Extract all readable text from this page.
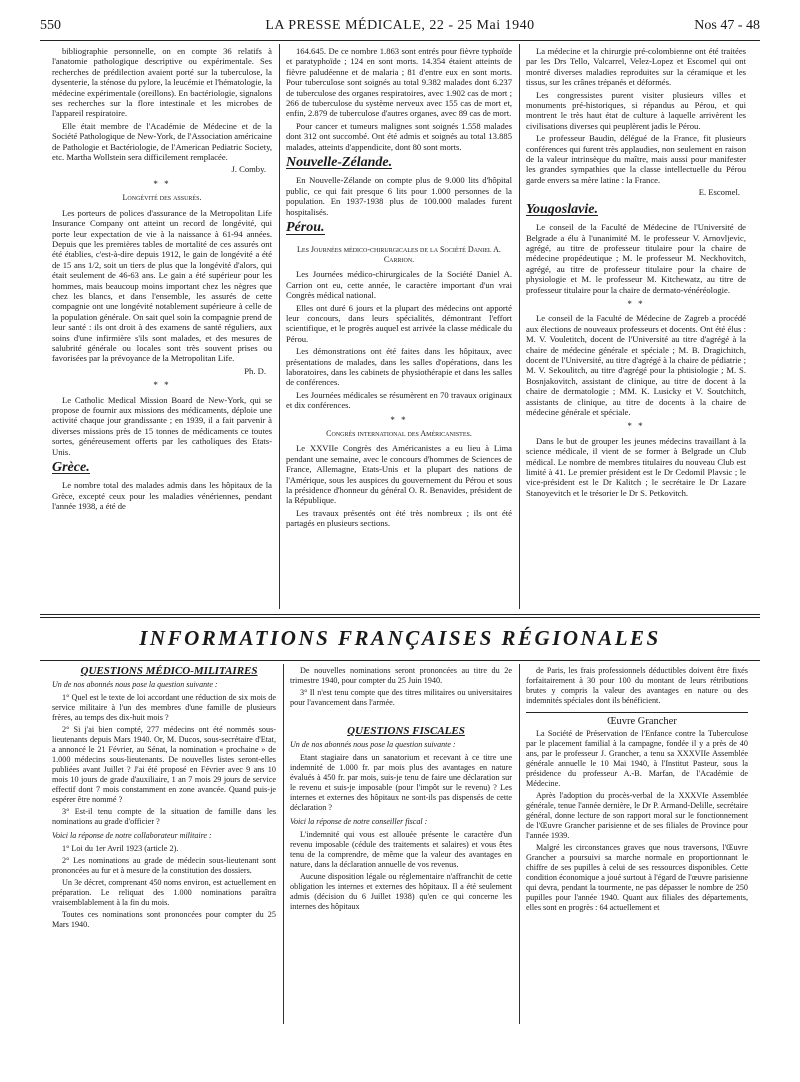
550	LA PRESSE MÉDICALE, 22 - 25 Mai 1940	Nos 47 - 48

bibliographie personnelle, on en compte 36 relatifs à l'anatomie pathologique descriptive ou expérimentale. Ses recherches de prédilection avaient porté sur la tuberculose, la dysenterie, la sténose du pylore, la leucémie et l'hématologie, la médecine expérimentale (oreillons). En bactériologie, signalons ses recherches sur la flore intestinale et les microbes de l'appareil respiratoire.

Elle était membre de l'Académie de Médecine et de la Société Pathologique de New-York, de l'Association américaine de Pathologie et Bactériologie, de l'American Pediatric Society, etc. Martha Wollstein sera difficilement remplacée.

J. Comby.

* *

Longévité des assurés.

Les porteurs de polices d'assurance de la Metropolitan Life Insurance Company ont atteint un record de longévité, qui porte leur expectation de vie à la naissance à 61-94 années. Depuis que les premières tables de mortalité de ces assurés ont été établies, c'est-à-dire depuis 1912, le gain de longévité a été de 15 ans 1/2, soit un tiers de plus que la longévité d'alors, qui était seulement de 46-63 ans. Le gain a été supérieur pour les hommes, mais beaucoup moins important chez les nègres que chez les blancs, et dans l'ensemble, les assurés de cette compagnie ont une longévité notablement supérieure à celle de la population générale. On sait quel soin la compagnie prend de leur santé : ils ont droit à des examens de santé réguliers, aux soins d'une infirmière s'ils sont malades, et des mesures de salubrité générale ou locales sont très souvent prises ou favorisées par la prévoyance de la Metropolitan Life.

Ph. D.

* *

Le Catholic Medical Mission Board de New-York, qui se propose de fournir aux missions des médicaments, déploie une activité chaque jour grandissante ; en 1939, il a fait parvenir à diverses missions près de 15 tonnes de médicaments ce toutes sortes, généreusement offerts par les catholiques des Etats-Unis.

Grèce.

Le nombre total des malades admis dans les hôpitaux de la Grèce, excepté ceux pour les maladies vénériennes, pendant l'année 1938, a été de

164.645. De ce nombre 1.863 sont entrés pour fièvre typhoïde et paratyphoïde ; 124 en sont morts. 14.354 étaient atteints de fièvre paludéenne et de malaria ; 81 d'entre eux en sont morts. Pour tuberculose sont soignés au total 9.382 malades dont 6.237 de tuberculose des organes respiratoires, avec 1.902 cas de mort ; 266 de tuberculose du système nerveux avec 155 cas de mort et, enfin, 2.879 de tuberculose d'autres organes, avec 89 cas de mort.

Pour cancer et tumeurs malignes sont soignés 1.558 malades dont 312 ont succombé. Ont été admis et soignés au total 13.885 malades, atteints d'appendicite, dont 80 sont morts.

Nouvelle-Zélande.

En Nouvelle-Zélande on compte plus de 9.000 lits d'hôpital public, ce qui fait presque 6 lits pour 1.000 personnes de la population. En 1937-1938 plus de 100.000 malades furent hospitalisés.

Pérou.

Les Journées médico-chirurgicales de la Société Daniel A. Carrion.

Les Journées médico-chirurgicales de la Société Daniel A. Carrion ont eu, cette année, le caractère important d'un vrai Congrès médical national.

Elles ont duré 6 jours et la plupart des médecins ont apporté leur concours, dans leurs spécialités, démontrant l'effort scientifique, et le progrès auquel est arrivée la classe médicale du Pérou.

Les démonstrations ont été faites dans les hôpitaux, avec présentations de malades, dans les salles d'opérations, dans les laboratoires, dans les cabinets de physiothérapie et dans les salles de conférences.

Les Journées médicales se résumèrent en 70 travaux originaux et dix conférences.

* *

Congrès international des Américanistes.

Le XXVIIe Congrès des Américanistes a eu lieu à Lima pendant une semaine, avec le concours d'hommes de Sciences de France, Allemagne, Etats-Unis et la plupart des nations de l'Amérique, sous les auspices du gouvernement du Pérou et sous la présidence d'honneur du général O. R. Benavides, président de la République.

Les travaux présentés ont été très nombreux ; ils ont été partagés en plusieurs sections.

La médecine et la chirurgie pré-colombienne ont été traitées par les Drs Tello, Valcarrel, Velez-Lopez et Escomel qui ont montré diverses maladies reproduites sur la céramique et les tissus, sur les crânes trépanés et déformés.

Les congressistes purent visiter plusieurs villes et monuments pré-historiques, si répandus au Pérou, et qui montrent le très haut état de culture à laquelle arrivèrent les civilisations diverses qui peuplèrent jadis le Pérou.

Le professeur Baudin, délégué de la France, fit plusieurs conférences qui furent très applaudies, non seulement en raison de la valeur intrinsèque du maître, mais aussi pour manifester les grandes sympathies que la classe intellectuelle du Pérou garde envers sa mère latine : la France.

E. Escomel.

Yougoslavie.

Le conseil de la Faculté de Médecine de l'Université de Belgrade a élu à l'unanimité M. le professeur V. Arnovljevic, agrégé, au titre de professeur titulaire pour la chaire de médecine propédeutique ; M. le professeur M. Neckhovitch, agrégé, au titre de professeur titulaire pour la chaire de physiologie et M. le professeur M. Kitchewatz, au titre de professeur titulaire pour la chaire de dermato-vénéréologie.

* *

Le conseil de la Faculté de Médecine de Zagreb a procédé aux élections de nouveaux professeurs et docents. Ont été élus : M. V. Vouletitch, docent de l'Université au titre d'agrégé à la chaire de médecine générale et spéciale ; M. B. Dragichitch, docent de l'Université, au titre d'agrégé à la chaire de pédiatrie ; M. V. Sekoulitch, au titre d'agrégé pour la phtisiologie ; M. S. Bosnjakovitch, assistant de clinique, au titre de docent à la chaire de dermatologie ; MM. K. Lusicky et V. Soutchitch, assistants de clinique, au titre de docents à la chaire de médecine générale et spéciale.

* *

Dans le but de grouper les jeunes médecins travaillant à la science médicale, il vient de se former à Belgrade un Club médical. Le nombre de membres titulaires du nouveau Club est limité à 41. Le premier président est le Dr Cedomil Plavsic ; le vice-président est le Dr Kalitch ; le secrétaire le Dr Lazare Stanoyevitch et le trésorier le Dr S. Petkovitch.

INFORMATIONS FRANÇAISES RÉGIONALES

QUESTIONS MÉDICO-MILITAIRES

Un de nos abonnés nous pose la question suivante :

1° Quel est le texte de loi accordant une réduction de six mois de service militaire à l'un des membres d'une famille de plusieurs frères, au temps des dix-huit mois ?

2° Si j'ai bien compté, 277 médecins ont été nommés sous-lieutenants depuis Mars 1940. Or, M. Ducos, sous-secrétaire d'Etat, a annoncé le 21 Février, au Sénat, la nomination « prochaine » de 1.000 médecins sous-lieutenants. De nouvelles listes seront-elles publiées avant Juillet ? J'ai été proposé en Février avec 9 ans 10 mois 10 jours de grade d'auxiliaire, 1 an 7 mois 29 jours de service effectif dont 7 mois constamment en zone avancée. Quand puis-je espérer être nommé ?

3° Est-il tenu compte de la situation de famille dans les nominations au grade d'officier ?

Voici la réponse de notre collaborateur militaire :

1° Loi du 1er Avril 1923 (article 2).

2° Les nominations au grade de médecin sous-lieutenant sont prononcées au fur et à mesure de la constitution des dossiers.

Un 3e décret, comprenant 450 noms environ, est actuellement en préparation. Le reliquat des 1.000 nominations paraîtra vraisemblablement à la fin du mois.

Toutes ces nominations sont prononcées pour compter du 25 Mars 1940.

De nouvelles nominations seront prononcées au titre du 2e trimestre 1940, pour compter du 25 Juin 1940.

3° Il n'est tenu compte que des titres militaires ou universitaires pour l'avancement dans l'armée.

QUESTIONS FISCALES

Un de nos abonnés nous pose la question suivante :

Etant stagiaire dans un sanatorium et recevant à ce titre une indemnité de 1.000 fr. par mois plus des avantages en nature évalués à 450 fr. par mois, suis-je tenu de faire une déclaration sur le revenu et suis-je imposable (pour l'impôt sur le revenu) ? Les internes et externes des hôpitaux ne sont-ils pas dispensés de cette déclaration ?

Voici la réponse de notre conseiller fiscal :

L'indemnité qui vous est allouée présente le caractère d'un revenu imposable (cédule des traitements et salaires) et vous êtes tenu de la comprendre, de même que la valeur des avantages en nature, dans la déclaration annuelle de vos revenus.

Aucune disposition légale ou réglementaire n'affranchit de cette obligation les internes et externes des hôpitaux. Il a été seulement admis (décision du 6 Juillet 1938) qu'en ce qui concerne les internes des hôpitaux

de Paris, les frais professionnels déductibles doivent être fixés forfaitairement à 30 pour 100 du montant de leurs rétributions brutes y compris la valeur des avantages en nature ou des indemnités spéciales dont ils bénéficient.

Œuvre Grancher

La Société de Préservation de l'Enfance contre la Tuberculose par le placement familial à la campagne, fondée il y a près de 40 ans, par le professeur J. Grancher, a tenu sa XXXVIIe Assemblée générale annuelle le 10 Mai 1940, à l'Institut Pasteur, sous la présidence du professeur A.-B. Marfan, de l'Académie de Médecine.

Après l'adoption du procès-verbal de la XXXVIe Assemblée générale, tenue l'année dernière, le Dr P. Armand-Delille, secrétaire général, donne lecture de son rapport moral sur le fonctionnement de l'Œuvre Grancher parisienne et de ses filiales de Province pour l'année 1939.

Malgré les circonstances graves que nous traversons, l'Œuvre Grancher a poursuivi sa marche normale en proportionnant le chiffre de ses pupilles à celui de ses ressources disponibles. Cette condition économique a joué surtout à l'égard de l'œuvre parisienne qui devra, pendant la tourmente, ne pas dépasser le nombre de 250 pupilles pour l'année 1940. Quant aux filiales des départements, elles sont en progrès : 64 actuellement et
